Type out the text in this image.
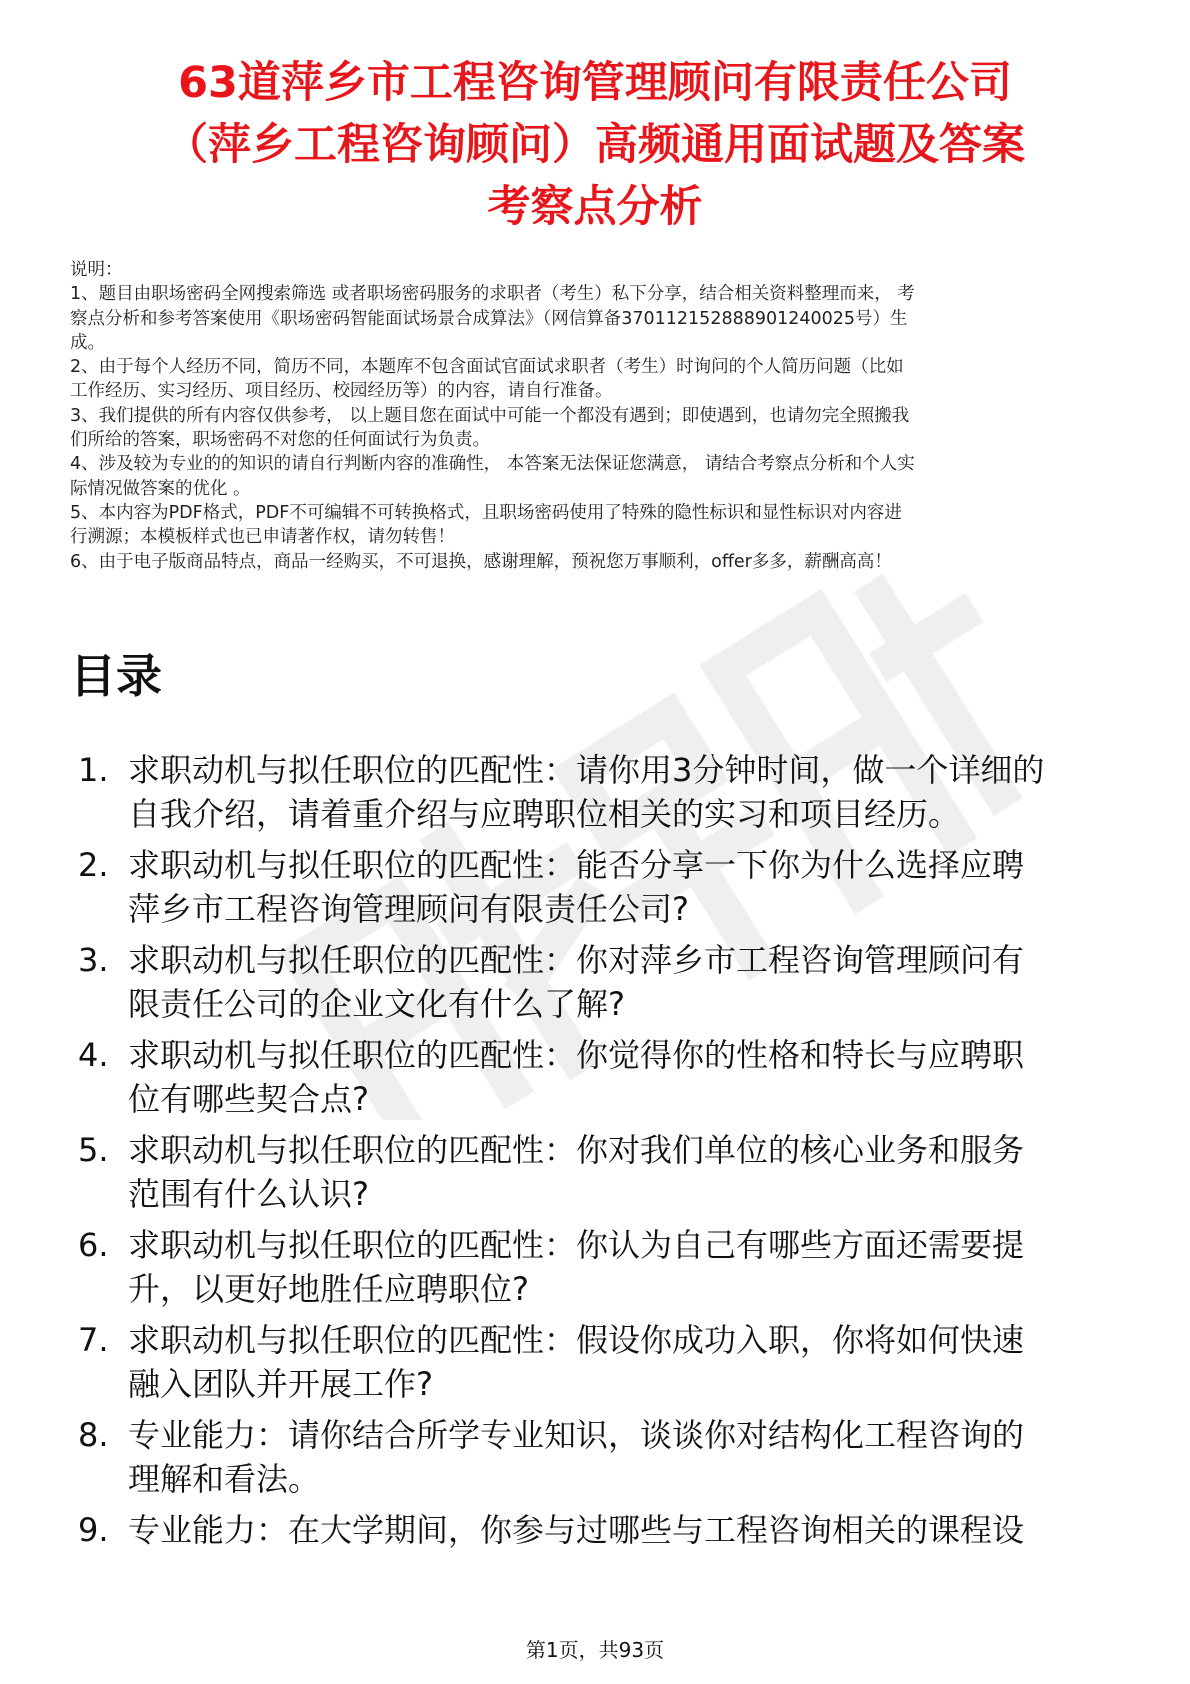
63道萍乡市工程咨询管理顾问有限责任公司
（萍乡工程咨询顾问）高频通用面试题及答案
考察点分析
说明：
1、题目由职场密码全网搜索筛选 或者职场密码服务的求职者（考生）私下分享，结合相关资料整理而来， 考
察点分析和参考答案使用《职场密码智能面试场景合成算法》（网信算备370112152888901240025号）生
成。
2、由于每个人经历不同，简历不同，本题库不包含面试官面试求职者（考生）时询问的个人简历问题（比如
工作经历、实习经历、项目经历、校园经历等）的内容，请自行准备。
3、我们提供的所有内容仅供参考， 以上题目您在面试中可能一个都没有遇到；即使遇到，也请勿完全照搬我
们所给的答案，职场密码不对您的任何面试行为负责。
4、涉及较为专业的的知识的请自行判断内容的准确性， 本答案无法保证您满意， 请结合考察点分析和个人实
际情况做答案的优化 。
5、本内容为PDF格式，PDF不可编辑不可转换格式，且职场密码使用了特殊的隐性标识和显性标识对内容进
行溯源；本模板样式也已申请著作权，请勿转售！
6、由于电子版商品特点，商品一经购买，不可退换，感谢理解，预祝您万事顺利，offer多多，薪酬高高！
目录
1. 求职动机与拟任职位的匹配性：请你用3分钟时间，做一个详细的
自我介绍，请着重介绍与应聘职位相关的实习和项目经历。
2. 求职动机与拟任职位的匹配性：能否分享一下你为什么选择应聘
萍乡市工程咨询管理顾问有限责任公司?
3. 求职动机与拟任职位的匹配性：你对萍乡市工程咨询管理顾问有
限责任公司的企业文化有什么了解?
4. 求职动机与拟任职位的匹配性：你觉得你的性格和特长与应聘职
位有哪些契合点?
5. 求职动机与拟任职位的匹配性：你对我们单位的核心业务和服务
范围有什么认识?
6. 求职动机与拟任职位的匹配性：你认为自己有哪些方面还需要提
升，以更好地胜任应聘职位?
7. 求职动机与拟任职位的匹配性：假设你成功入职，你将如何快速
融入团队并开展工作?
8. 专业能力：请你结合所学专业知识，谈谈你对结构化工程咨询的
理解和看法。
9. 专业能力：在大学期间，你参与过哪些与工程咨询相关的课程设
第1页，共93页
